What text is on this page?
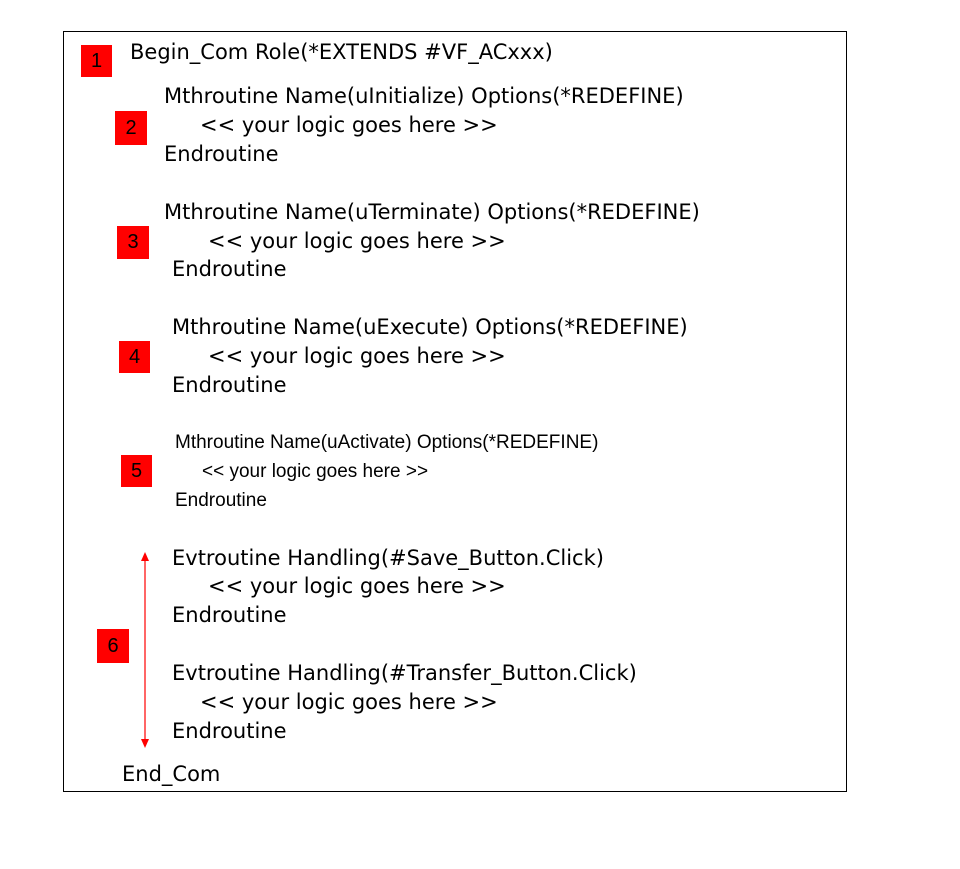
1
2
3
4
5
6
Begin_Com Role(*EXTENDS #VF_ACxxx)
Mthroutine Name(uInitialize) Options(*REDEFINE)
<< your logic goes here >>
Endroutine
Mthroutine Name(uTerminate) Options(*REDEFINE)
<< your logic goes here >>
Endroutine
Mthroutine Name(uExecute) Options(*REDEFINE)
<< your logic goes here >>
Endroutine
Mthroutine Name(uActivate) Options(*REDEFINE)
<< your logic goes here >>
Endroutine
Evtroutine Handling(#Save_Button.Click)
<< your logic goes here >>
Endroutine
Evtroutine Handling(#Transfer_Button.Click)
<< your logic goes here >>
Endroutine
End_Com
